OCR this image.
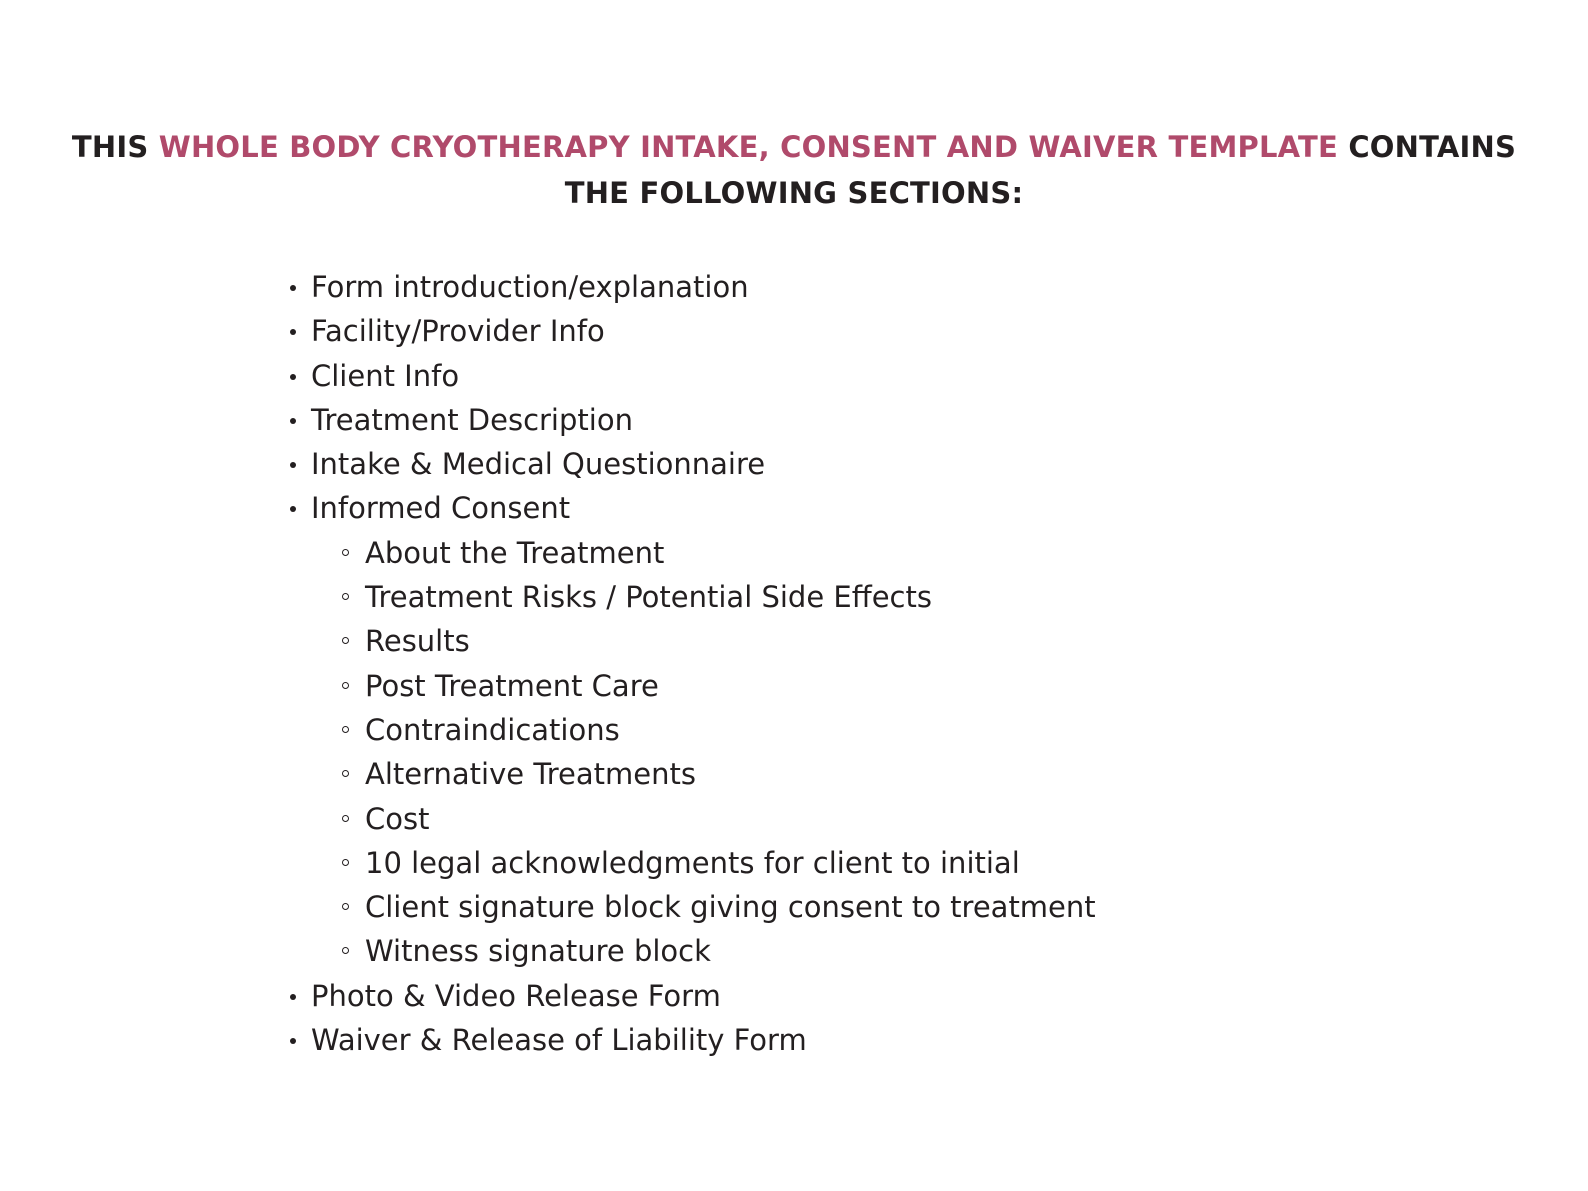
THIS WHOLE BODY CRYOTHERAPY INTAKE, CONSENT AND WAIVER TEMPLATE CONTAINS
THE FOLLOWING SECTIONS:
Form introduction/explanation
Facility/Provider Info
Client Info
Treatment Description
Intake & Medical Questionnaire
Informed Consent
About the Treatment
Treatment Risks / Potential Side Effects
Results
Post Treatment Care
Contraindications
Alternative Treatments
Cost
10 legal acknowledgments for client to initial
Client signature block giving consent to treatment
Witness signature block
Photo & Video Release Form
Waiver & Release of Liability Form
